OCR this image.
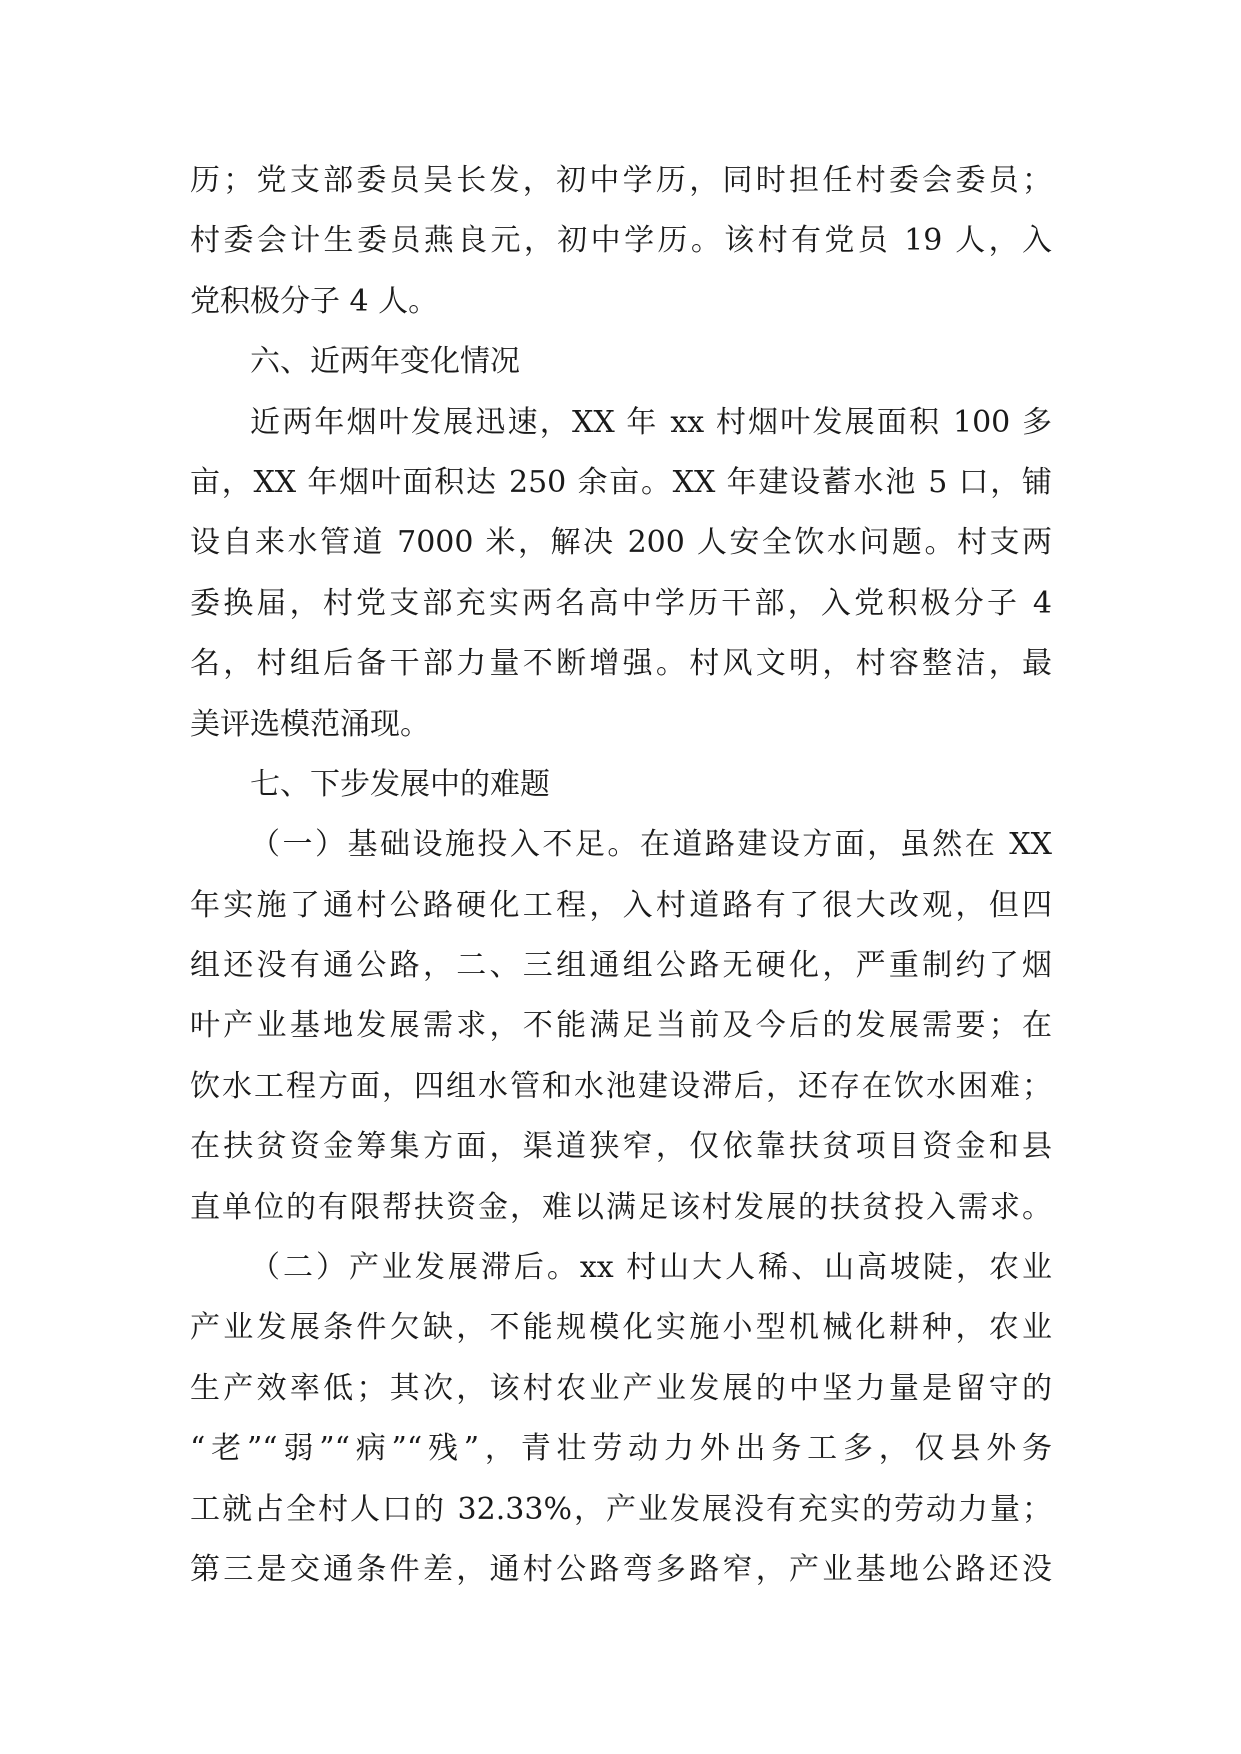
历；党支部委员吴长发，初中学历，同时担任村委会委员；
村委会计生委员燕良元，初中学历。该村有党员 19 人，入
党积极分子 4 人。
六、近两年变化情况
近两年烟叶发展迅速，XX 年 xx 村烟叶发展面积 100 多
亩，XX 年烟叶面积达 250 余亩。XX 年建设蓄水池 5 口，铺
设自来水管道 7000 米，解决 200 人安全饮水问题。村支两
委换届，村党支部充实两名高中学历干部，入党积极分子 4
名，村组后备干部力量不断增强。村风文明，村容整洁，最
美评选模范涌现。
七、下步发展中的难题
（一）基础设施投入不足。在道路建设方面，虽然在 XX
年实施了通村公路硬化工程，入村道路有了很大改观，但四
组还没有通公路，二、三组通组公路无硬化，严重制约了烟
叶产业基地发展需求，不能满足当前及今后的发展需要；在
饮水工程方面，四组水管和水池建设滞后，还存在饮水困难；
在扶贫资金筹集方面，渠道狭窄，仅依靠扶贫项目资金和县
直单位的有限帮扶资金，难以满足该村发展的扶贫投入需求。
（二）产业发展滞后。xx 村山大人稀、山高坡陡，农业
产业发展条件欠缺，不能规模化实施小型机械化耕种，农业
生产效率低；其次，该村农业产业发展的中坚力量是留守的
“老”“弱”“病”“残”，青壮劳动力外出务工多，仅县外务
工就占全村人口的 32.33%，产业发展没有充实的劳动力量；
第三是交通条件差，通村公路弯多路窄，产业基地公路还没
